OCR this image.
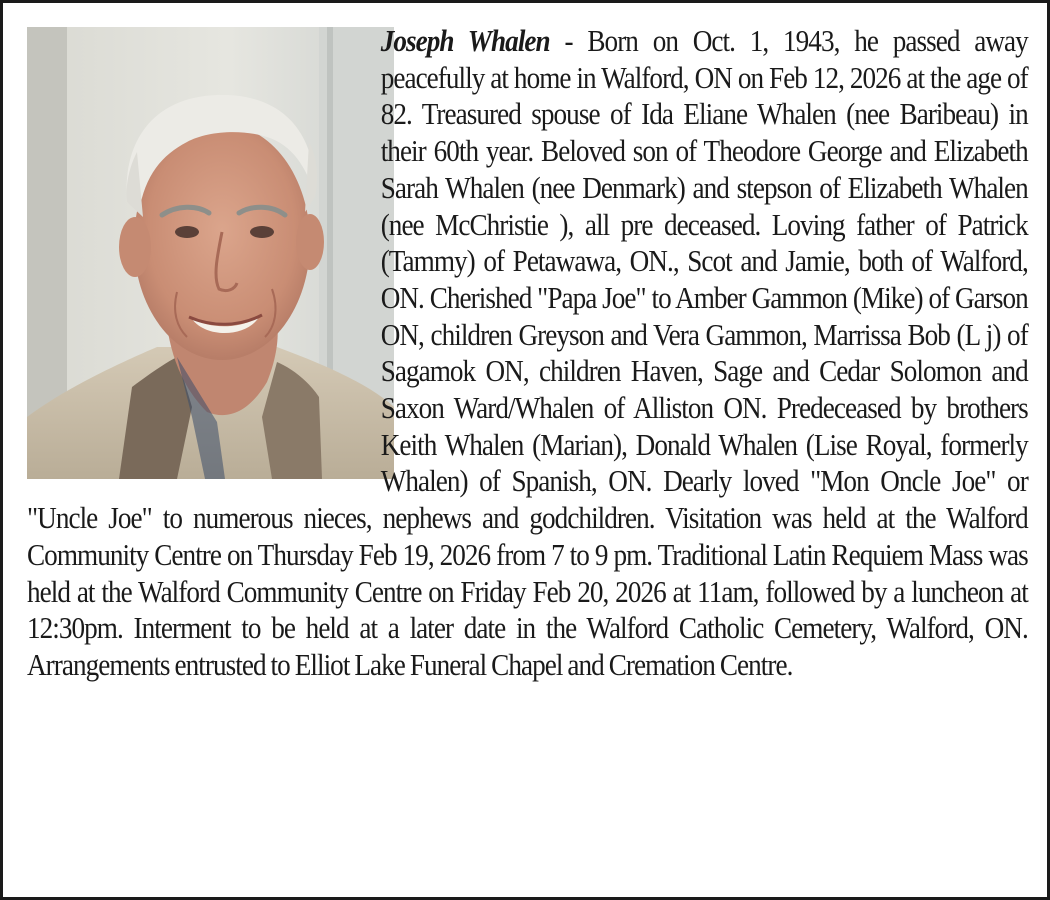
Joseph Whalen - Born on Oct. 1, 1943, he passed away peacefully at home in Walford, ON on Feb 12, 2026 at the age of 82. Treasured spouse of Ida Eliane Whalen (nee Baribeau) in their 60th year. Beloved son of Theodore George and Elizabeth Sarah Whalen (nee Denmark) and stepson of Elizabeth Whalen (nee McChristie ), all pre deceased. Loving father of Patrick (Tammy) of Petawawa, ON., Scot and Jamie, both of Walford, ON. Cherished "Papa Joe" to Amber Gammon (Mike) of Garson ON, children Greyson and Vera Gammon, Marrissa Bob (L j) of Sagamok ON, children Haven, Sage and Cedar Solomon and Saxon Ward/Whalen of Alliston ON. Predeceased by brothers Keith Whalen (Marian), Donald Whalen (Lise Royal, formerly Whalen) of Spanish, ON. Dearly loved "Mon Oncle Joe" or "Uncle Joe" to numerous nieces, nephews and godchildren. Visitation was held at the Walford Community Centre on Thursday Feb 19, 2026 from 7 to 9 pm. Traditional Latin Requiem Mass was held at the Walford Community Centre on Friday Feb 20, 2026 at 11am, followed by a luncheon at 12:30pm. Interment to be held at a later date in the Walford Catholic Cemetery, Walford, ON. Arrangements entrusted to Elliot Lake Funeral Chapel and Cremation Centre.
